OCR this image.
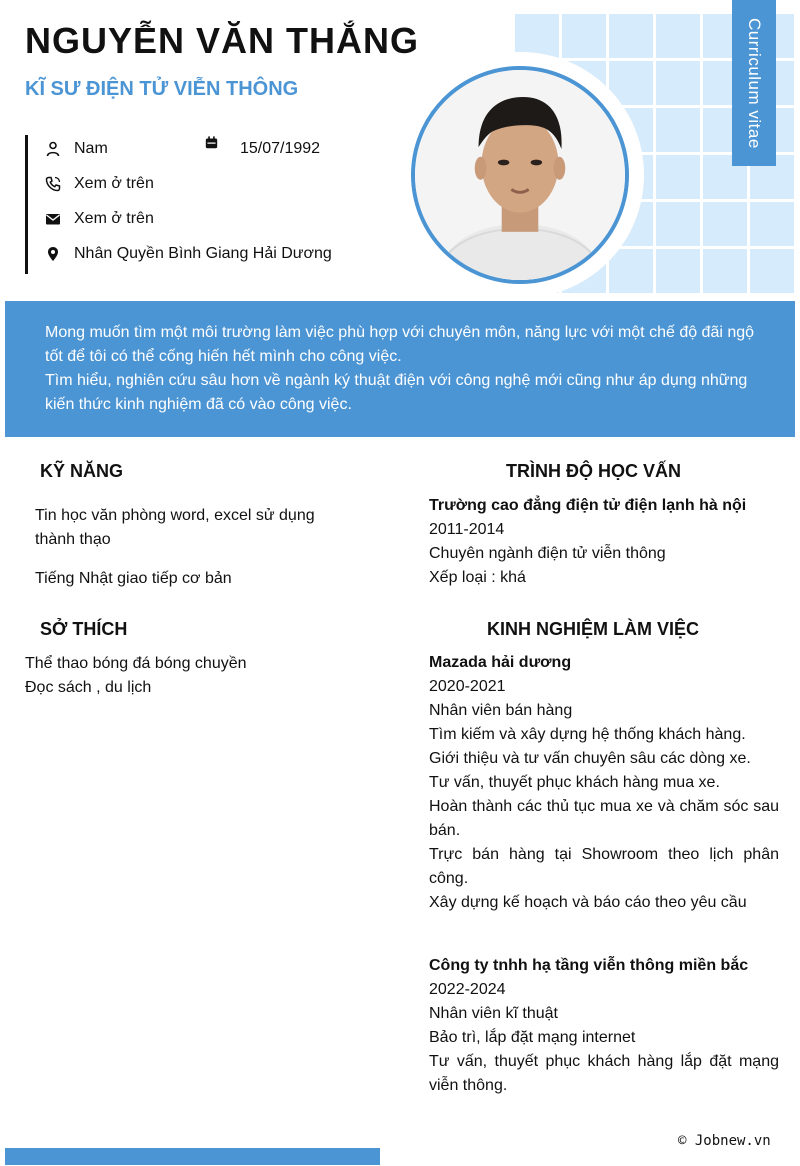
Curriculum vitae
NGUYỄN VĂN THẮNG
KĨ SƯ ĐIỆN TỬ VIỄN THÔNG
Nam	15/07/1992
Xem ở trên
Xem ở trên
Nhân Quyền Bình Giang Hải Dương

Mong muốn tìm một môi trường làm việc phù hợp với chuyên môn, năng lực với một chế độ đãi ngộ tốt để tôi có thể cống hiến hết mình cho công việc.

Tìm hiểu, nghiên cứu sâu hơn về ngành ký thuật điện với công nghệ mới cũng như áp dụng những kiến thức kinh nghiệm đã có vào công việc.

KỸ NĂNG
Tin học văn phòng word, excel sử dụng thành thạo
Tiếng Nhật giao tiếp cơ bản
SỞ THÍCH

Thể thao bóng đá bóng chuyền

Đọc sách , du lịch

TRÌNH ĐỘ HỌC VẤN

Trường cao đẳng điện tử điện lạnh hà nội

2011-2014

Chuyên ngành điện tử viễn thông

Xếp loại : khá

KINH NGHIỆM LÀM VIỆC

Mazada hải dương

2020-2021

Nhân viên bán hàng

Tìm kiếm và xây dựng hệ thống khách hàng.

Giới thiệu và tư vấn chuyên sâu các dòng xe.

Tư vấn, thuyết phục khách hàng mua xe.

Hoàn thành các thủ tục mua xe và chăm sóc sau bán.

Trực bán hàng tại Showroom theo lịch phân công.

Xây dựng kế hoạch và báo cáo theo yêu cầu

Công ty tnhh hạ tầng viễn thông miền bắc

2022-2024

Nhân viên kĩ thuật

Bảo trì, lắp đặt mạng internet

Tư vấn, thuyết phục khách hàng lắp đặt mạng viễn thông.

© Jobnew.vn
